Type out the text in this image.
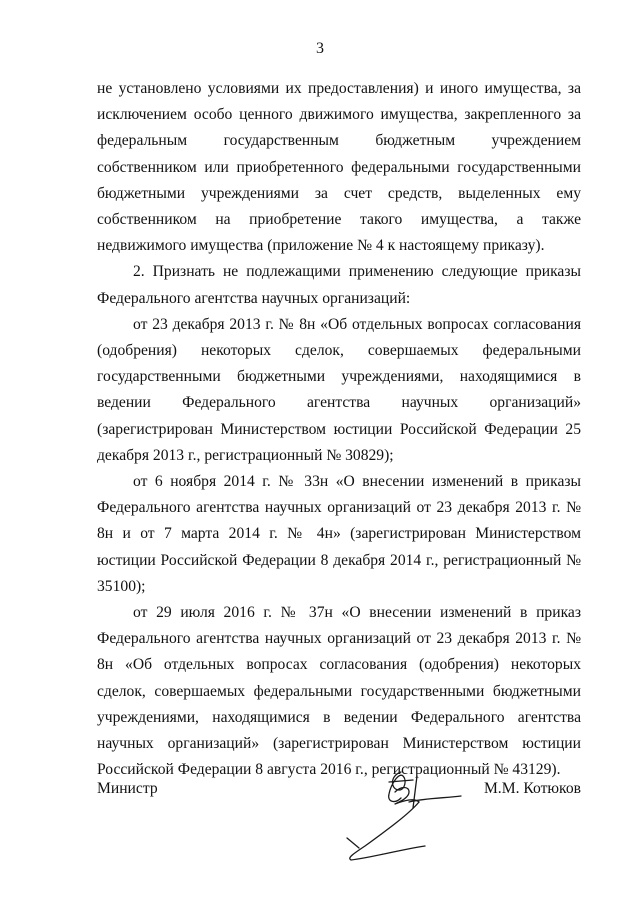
3

не установлено условиями их предоставления) и иного имущества, за исключением особо ценного движимого имущества, закрепленного за федеральным государственным бюджетным учреждением собственником или приобретенного федеральными государственными бюджетными учреждениями за счет средств, выделенных ему собственником на приобретение такого имущества, а также недвижимого имущества (приложение № 4 к настоящему приказу).

2. Признать не подлежащими применению следующие приказы Федерального агентства научных организаций:

от 23 декабря 2013 г. № 8н «Об отдельных вопросах согласования (одобрения) некоторых сделок, совершаемых федеральными государственными бюджетными учреждениями, находящимися в ведении Федерального агентства научных организаций» (зарегистрирован Министерством юстиции Российской Федерации 25 декабря 2013 г., регистрационный № 30829);

от 6 ноября 2014 г. № 33н «О внесении изменений в приказы Федерального агентства научных организаций от 23 декабря 2013 г. № 8н и от 7 марта 2014 г. № 4н» (зарегистрирован Министерством юстиции Российской Федерации 8 декабря 2014 г., регистрационный № 35100);

от 29 июля 2016 г. № 37н «О внесении изменений в приказ Федерального агентства научных организаций от 23 декабря 2013 г. № 8н «Об отдельных вопросах согласования (одобрения) некоторых сделок, совершаемых федеральными государственными бюджетными учреждениями, находящимися в ведении Федерального агентства научных организаций» (зарегистрирован Министерством юстиции Российской Федерации 8 августа 2016 г., регистрационный № 43129).

Министр	М.М. Котюков
